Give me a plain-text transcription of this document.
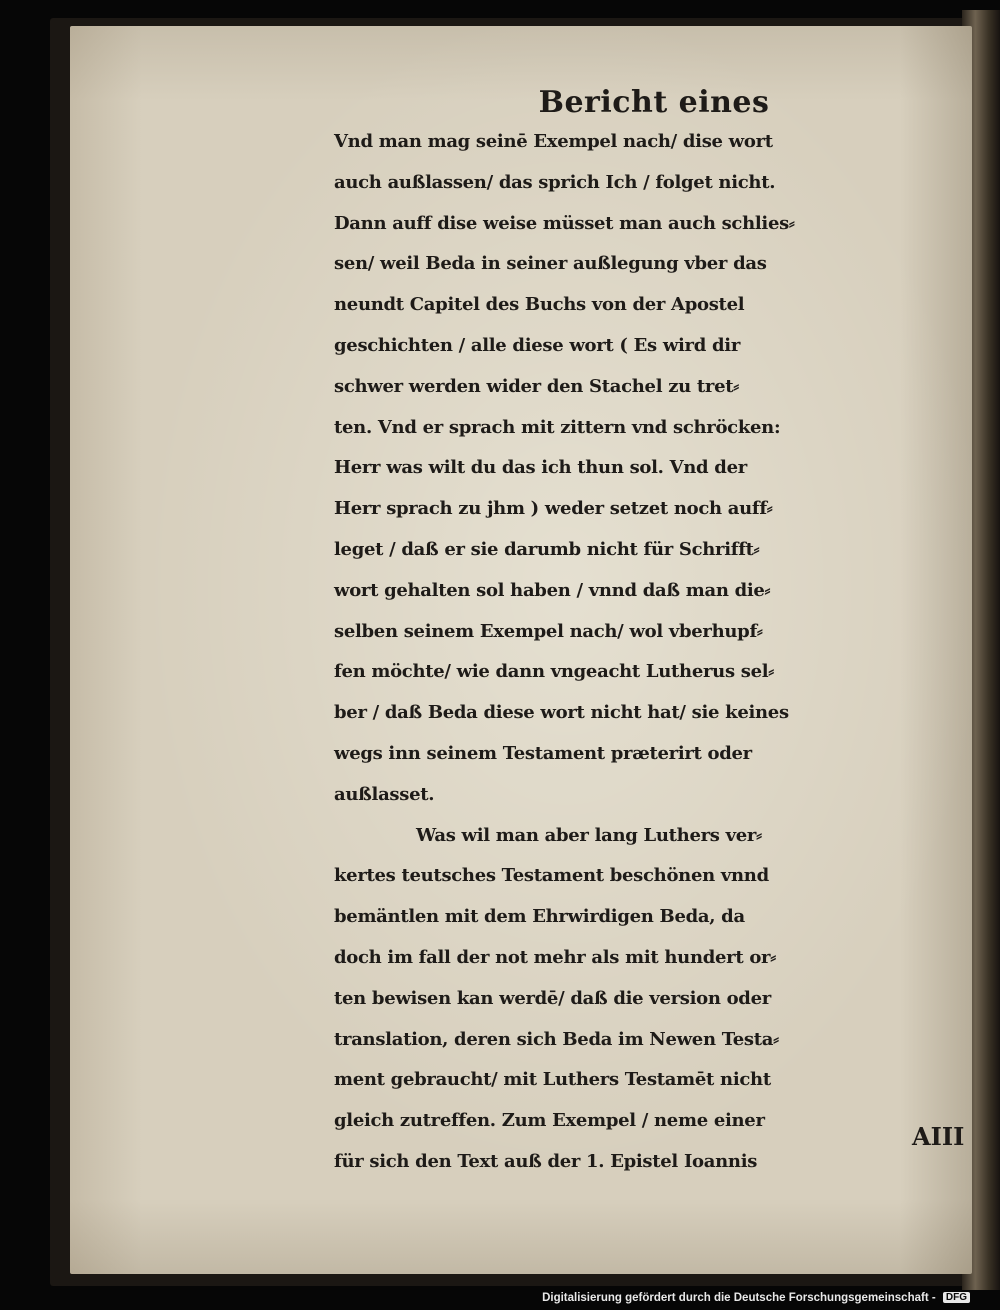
Bericht eines
Vnd man mag seinē Exempel nach/ dise wort
auch außlassen/ das sprich Ich / folget nicht.
Dann auff dise weise müsset man auch schlies⸗
sen/ weil Beda in seiner außlegung vber das
neundt Capitel des Buchs von der Apostel
geschichten / alle diese wort ( Es wird dir
schwer werden wider den Stachel zu tret⸗
ten. Vnd er sprach mit zittern vnd schröcken:
Herr was wilt du das ich thun sol. Vnd der
Herr sprach zu jhm ) weder setzet noch auff⸗
leget / daß er sie darumb nicht für Schrifft⸗
wort gehalten sol haben / vnnd daß man die⸗
selben seinem Exempel nach/ wol vberhupf⸗
fen möchte/ wie dann vngeacht Lutherus sel⸗
ber / daß Beda diese wort nicht hat/ sie keines
wegs inn seinem Testament præterirt oder
außlasset.
Was wil man aber lang Luthers ver⸗
kertes teutsches Testament beschönen vnnd
bemäntlen mit dem Ehrwirdigen Beda, da
doch im fall der not mehr als mit hundert or⸗
ten bewisen kan werdē/ daß die version oder
translation, deren sich Beda im Newen Testa⸗
ment gebraucht/ mit Luthers Testamēt nicht
gleich zutreffen. Zum Exempel / neme einer
für sich den Text auß der 1. Epistel Ioannis
AIII
Digitalisierung gefördert durch die Deutsche Forschungsgemeinschaft - DFG
